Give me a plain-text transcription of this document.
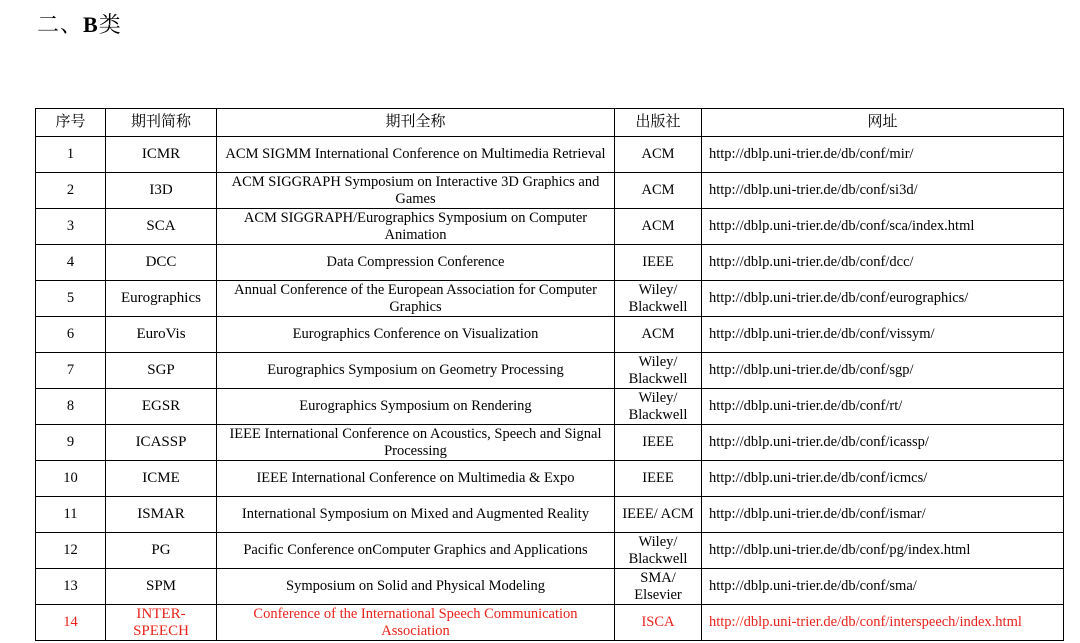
二、B类
序号	期刊简称	期刊全称	出版社	网址
1	ICMR	ACM SIGMM International Conference on Multimedia Retrieval	ACM	http://dblp.uni-trier.de/db/conf/mir/
2	I3D	ACM SIGGRAPH Symposium on Interactive 3D Graphics and Games	ACM	http://dblp.uni-trier.de/db/conf/si3d/
3	SCA	ACM SIGGRAPH/Eurographics Symposium on Computer Animation	ACM	http://dblp.uni-trier.de/db/conf/sca/index.html
4	DCC	Data Compression Conference	IEEE	http://dblp.uni-trier.de/db/conf/dcc/
5	Eurographics	Annual Conference of the European Association for Computer Graphics	Wiley/ Blackwell	http://dblp.uni-trier.de/db/conf/eurographics/
6	EuroVis	Eurographics Conference on Visualization	ACM	http://dblp.uni-trier.de/db/conf/vissym/
7	SGP	Eurographics Symposium on Geometry Processing	Wiley/ Blackwell	http://dblp.uni-trier.de/db/conf/sgp/
8	EGSR	Eurographics Symposium on Rendering	Wiley/ Blackwell	http://dblp.uni-trier.de/db/conf/rt/
9	ICASSP	IEEE International Conference on Acoustics, Speech and Signal Processing	IEEE	http://dblp.uni-trier.de/db/conf/icassp/
10	ICME	IEEE International Conference on Multimedia & Expo	IEEE	http://dblp.uni-trier.de/db/conf/icmcs/
11	ISMAR	International Symposium on Mixed and Augmented Reality	IEEE/ ACM	http://dblp.uni-trier.de/db/conf/ismar/
12	PG	Pacific Conference onComputer Graphics and Applications	Wiley/ Blackwell	http://dblp.uni-trier.de/db/conf/pg/index.html
13	SPM	Symposium on Solid and Physical Modeling	SMA/ Elsevier	http://dblp.uni-trier.de/db/conf/sma/
14	INTER- SPEECH	Conference of the International Speech Communication Association	ISCA	http://dblp.uni-trier.de/db/conf/interspeech/index.html
